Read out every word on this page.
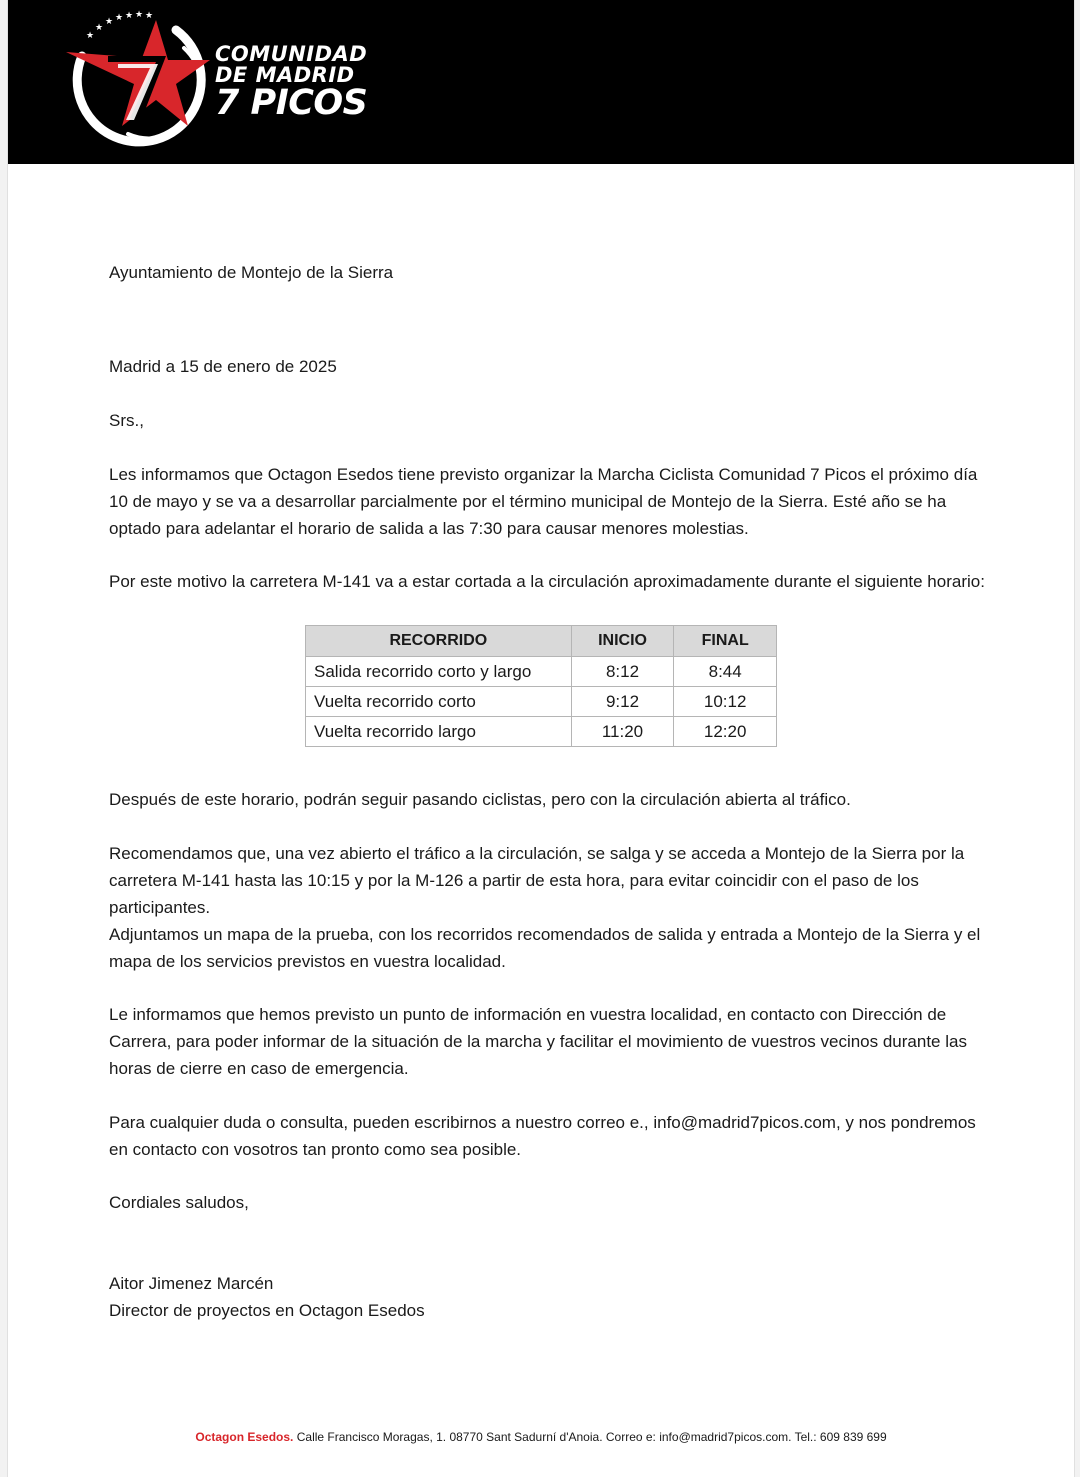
★
★
★ ★ ★ ★ ★
COMUNIDAD
DE MADRID
7 PICOS

Ayuntamiento de Montejo de la Sierra

Madrid a 15 de enero de 2025

Srs.,

Les informamos que Octagon Esedos tiene previsto organizar la Marcha Ciclista Comunidad 7 Picos el próximo día 10 de mayo y se va a desarrollar parcialmente por el término municipal de Montejo de la Sierra. Esté año se ha optado para adelantar el horario de salida a las 7:30 para causar menores molestias.

Por este motivo la carretera M-141 va a estar cortada a la circulación aproximadamente durante el siguiente horario:

RECORRIDO	INICIO	FINAL
Salida recorrido corto y largo	8:12	8:44
Vuelta recorrido corto	9:12	10:12
Vuelta recorrido largo	11:20	12:20

Después de este horario, podrán seguir pasando ciclistas, pero con la circulación abierta al tráfico.

Recomendamos que, una vez abierto el tráfico a la circulación, se salga y se acceda a Montejo de la Sierra por la carretera M-141 hasta las 10:15 y por la M-126 a partir de esta hora, para evitar coincidir con el paso de los participantes.

Adjuntamos un mapa de la prueba, con los recorridos recomendados de salida y entrada a Montejo de la Sierra y el mapa de los servicios previstos en vuestra localidad.

Le informamos que hemos previsto un punto de información en vuestra localidad, en contacto con Dirección de Carrera, para poder informar de la situación de la marcha y facilitar el movimiento de vuestros vecinos durante las horas de cierre en caso de emergencia.

Para cualquier duda o consulta, pueden escribirnos a nuestro correo e., info@madrid7picos.com, y nos pondremos en contacto con vosotros tan pronto como sea posible.

Cordiales saludos,

Aitor Jimenez Marcén

Director de proyectos en Octagon Esedos

Octagon Esedos. Calle Francisco Moragas, 1. 08770 Sant Sadurní d'Anoia. Correo e: info@madrid7picos.com. Tel.: 609 839 699
